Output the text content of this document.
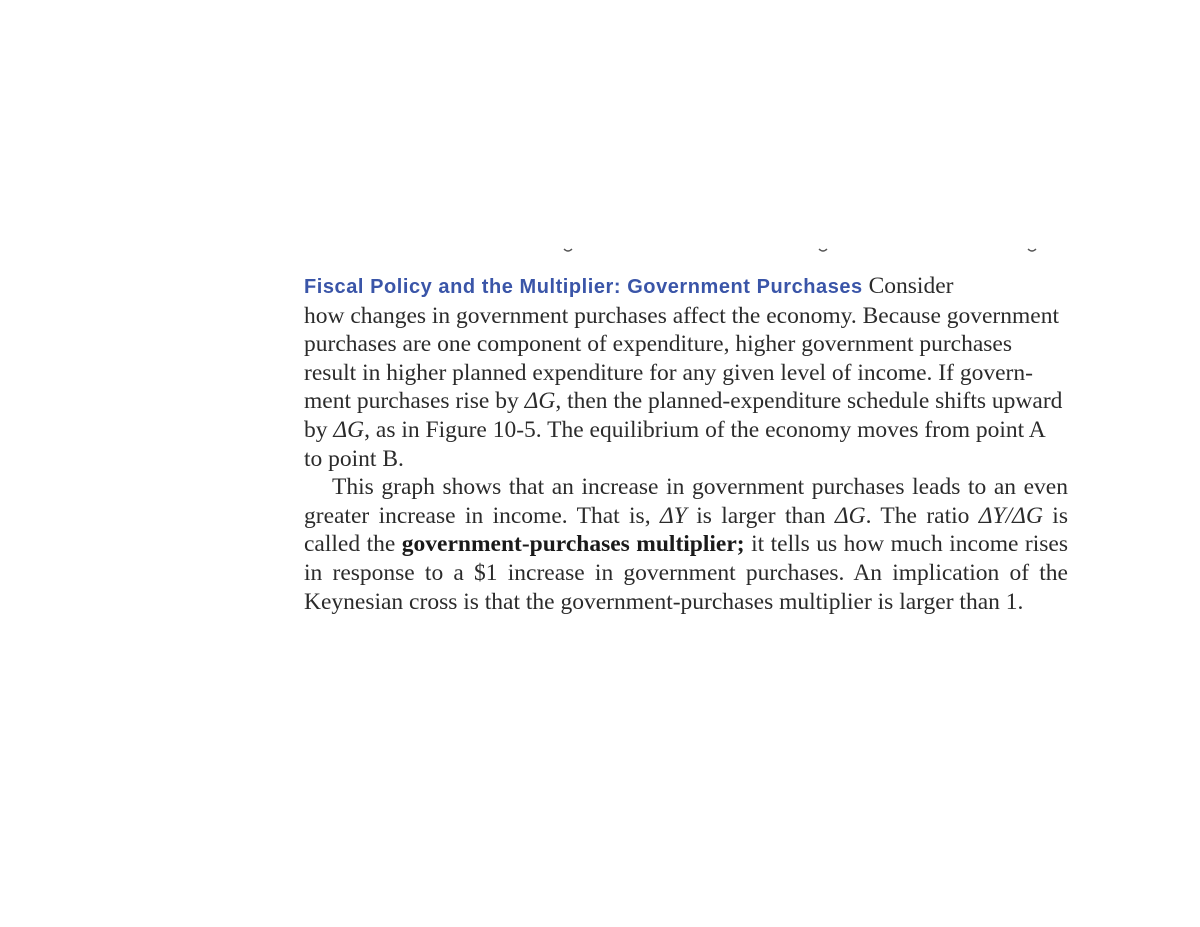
Fiscal Policy and the Multiplier: Government Purchases Consider
how changes in government purchases affect the economy. Because government
purchases are one component of expenditure, higher government purchases
result in higher planned expenditure for any given level of income. If govern-
ment purchases rise by ΔG, then the planned-expenditure schedule shifts upward
by ΔG, as in Figure 10-5. The equilibrium of the economy moves from point A
to point B.

This graph shows that an increase in government purchases leads to an even greater increase in income. That is, ΔY is larger than ΔG. The ratio ΔY/ΔG is called the government-purchases multiplier; it tells us how much income rises in response to a $1 increase in government purchases. An implication of the Keynesian cross is that the government-purchases multiplier is larger than 1.
